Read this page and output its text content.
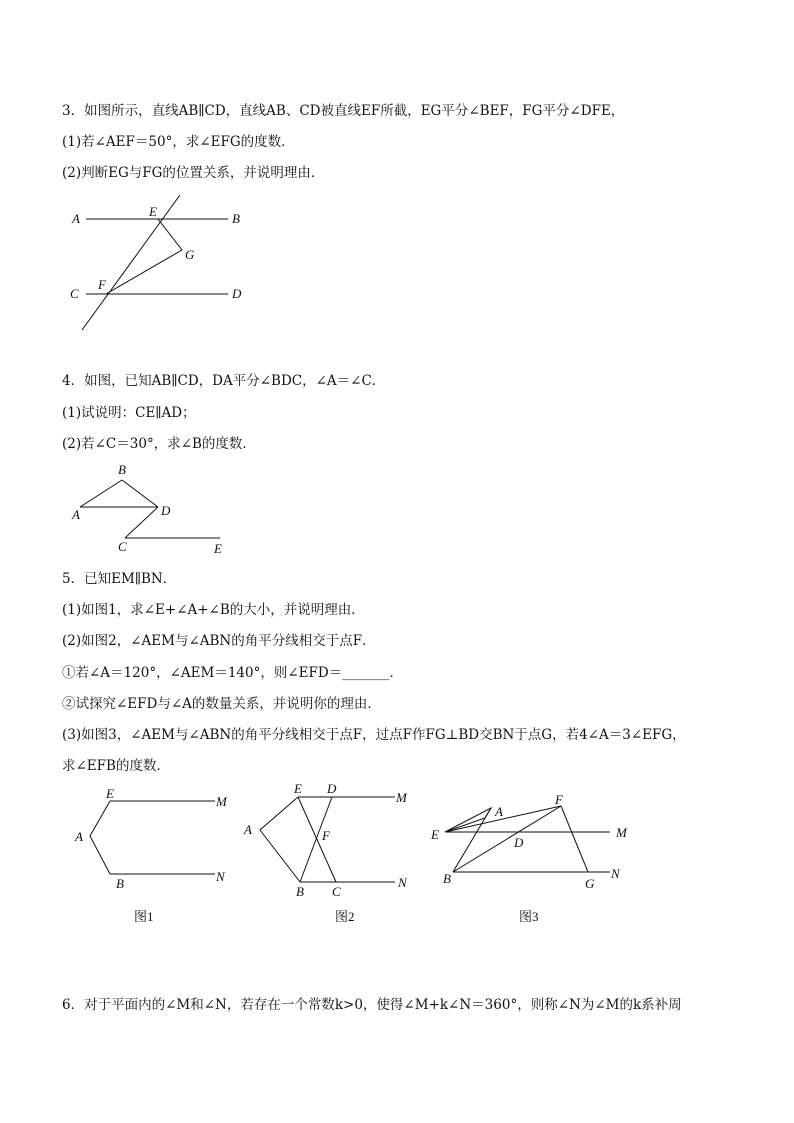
3．如图所示，直线AB∥CD，直线AB、CD被直线EF所截，EG平分∠BEF，FG平分∠DFE，
(1)若∠AEF＝50°，求∠EFG的度数．
(2)判断EG与FG的位置关系，并说明理由．
A	E	B
G
C
F
D
4．如图，已知AB∥CD，DA平分∠BDC，∠A＝∠C．
(1)试说明：CE∥AD；
(2)若∠C＝30°，求∠B的度数．
B
A	D
C	E
5．已知EM∥BN．
(1)如图1，求∠E+∠A+∠B的大小，并说明理由．
(2)如图2，∠AEM与∠ABN的角平分线相交于点F．
①若∠A＝120°，∠AEM＝140°，则∠EFD＝_______．
②试探究∠EFD与∠A的数量关系，并说明你的理由．
(3)如图3，∠AEM与∠ABN的角平分线相交于点F，过点F作FG⊥BD交BN于点G，若4∠A＝3∠EFG，
求∠EFB的度数．
E
M
A
B	N
图1
E D
M
A	F
B C
N
图2
A
F
E	M
D
B	G
N
图3
6．对于平面内的∠M和∠N，若存在一个常数k>0，使得∠M+k∠N＝360°，则称∠N为∠M的k系补周
